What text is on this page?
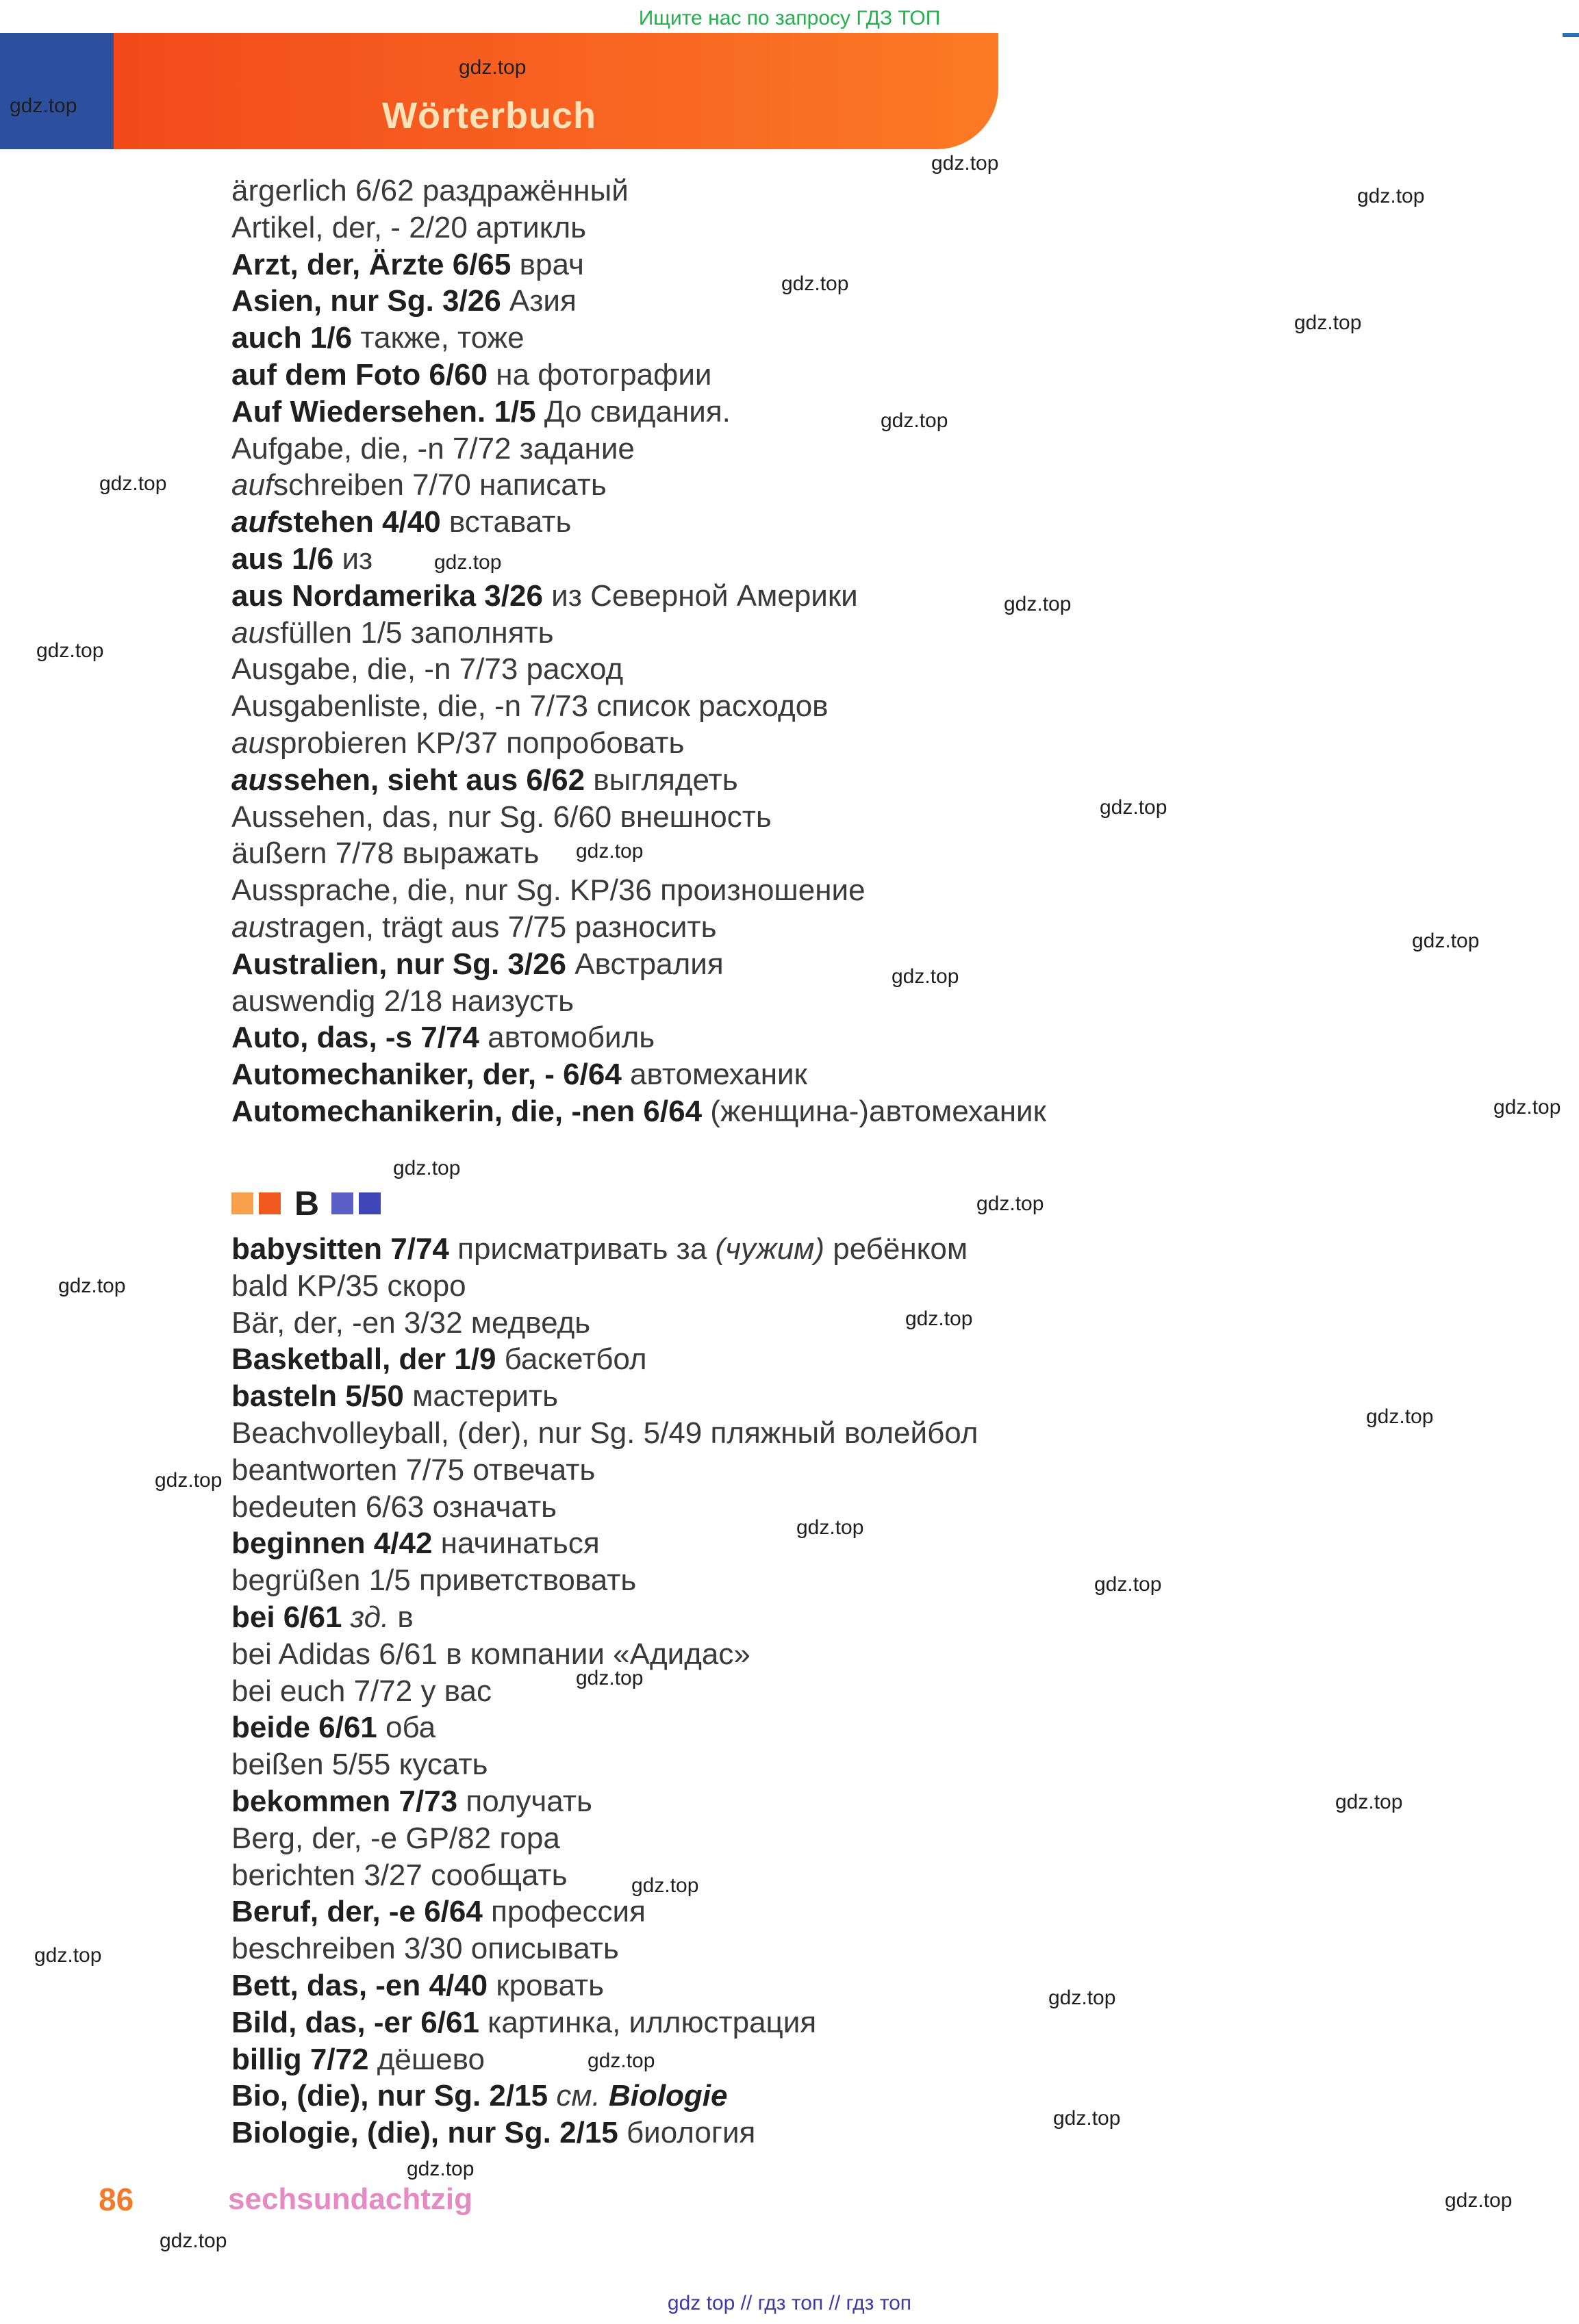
Ищите нас по запросу ГДЗ ТОП
Wörterbuch
ärgerlich 6/62 раздражённый
Artikel, der, - 2/20 артикль
Arzt, der, Ärzte 6/65 врач
Asien, nur Sg. 3/26 Азия
auch 1/6 также, тоже
auf dem Foto 6/60 на фотографии
Auf Wiedersehen. 1/5 До свидания.
Aufgabe, die, -n 7/72 задание
aufschreiben 7/70 написать
aufstehen 4/40 вставать
aus 1/6 из
aus Nordamerika 3/26 из Северной Америки
ausfüllen 1/5 заполнять
Ausgabe, die, -n 7/73 расход
Ausgabenliste, die, -n 7/73 список расходов
ausprobieren KP/37 попробовать
aussehen, sieht aus 6/62 выглядеть
Aussehen, das, nur Sg. 6/60 внешность
äußern 7/78 выражать
Aussprache, die, nur Sg. KP/36 произношение
austragen, trägt aus 7/75 разносить
Australien, nur Sg. 3/26 Австралия
auswendig 2/18 наизусть
Auto, das, -s 7/74 автомобиль
Automechaniker, der, - 6/64 автомеханик
Automechanikerin, die, -nen 6/64 (женщина-)автомеханик
B
babysitten 7/74 присматривать за (чужим) ребёнком
bald KP/35 скоро
Bär, der, -en 3/32 медведь
Basketball, der 1/9 баскетбол
basteln 5/50 мастерить
Beachvolleyball, (der), nur Sg. 5/49 пляжный волейбол
beantworten 7/75 отвечать
bedeuten 6/63 означать
beginnen 4/42 начинаться
begrüßen 1/5 приветствовать
bei 6/61 зд. в
bei Adidas 6/61 в компании «Адидас»
bei euch 7/72 у вас
beide 6/61 оба
beißen 5/55 кусать
bekommen 7/73 получать
Berg, der, -e GP/82 гора
berichten 3/27 сообщать
Beruf, der, -e 6/64 профессия
beschreiben 3/30 описывать
Bett, das, -en 4/40 кровать
Bild, das, -er 6/61 картинка, иллюстрация
billig 7/72 дёшево
Bio, (die), nur Sg. 2/15 см. Biologie
Biologie, (die), nur Sg. 2/15 биология
86	sechsundachtzig
gdz top // гдз топ // гдз топ
gdz.top
gdz.top
gdz.top
gdz.top
gdz.top
gdz.top
gdz.top
gdz.top
gdz.top
gdz.top
gdz.top
gdz.top
gdz.top
gdz.top
gdz.top
gdz.top
gdz.top
gdz.top
gdz.top
gdz.top
gdz.top
gdz.top
gdz.top
gdz.top
gdz.top
gdz.top
gdz.top
gdz.top
gdz.top
gdz.top
gdz.top
gdz.top
gdz.top
gdz.top
